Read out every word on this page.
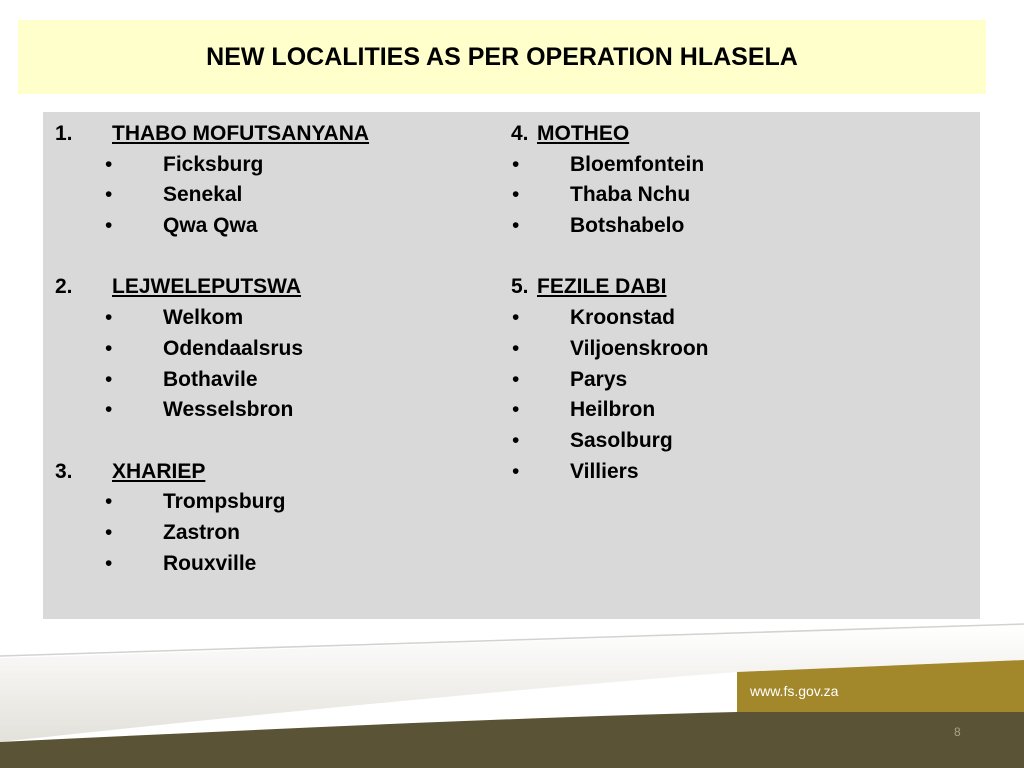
NEW LOCALITIES AS PER OPERATION HLASELA
1. THABO MOFUTSANYANA
• Ficksburg
• Senekal
• Qwa Qwa
2. LEJWELEPUTSWA
• Welkom
• Odendaalsrus
• Bothavile
• Wesselsbron
3. XHARIEP
• Trompsburg
• Zastron
• Rouxville
4. MOTHEO
• Bloemfontein
• Thaba Nchu
• Botshabelo
5. FEZILE DABI
• Kroonstad
• Viljoenskroon
• Parys
• Heilbron
• Sasolburg
• Villiers
www.fs.gov.za
8
